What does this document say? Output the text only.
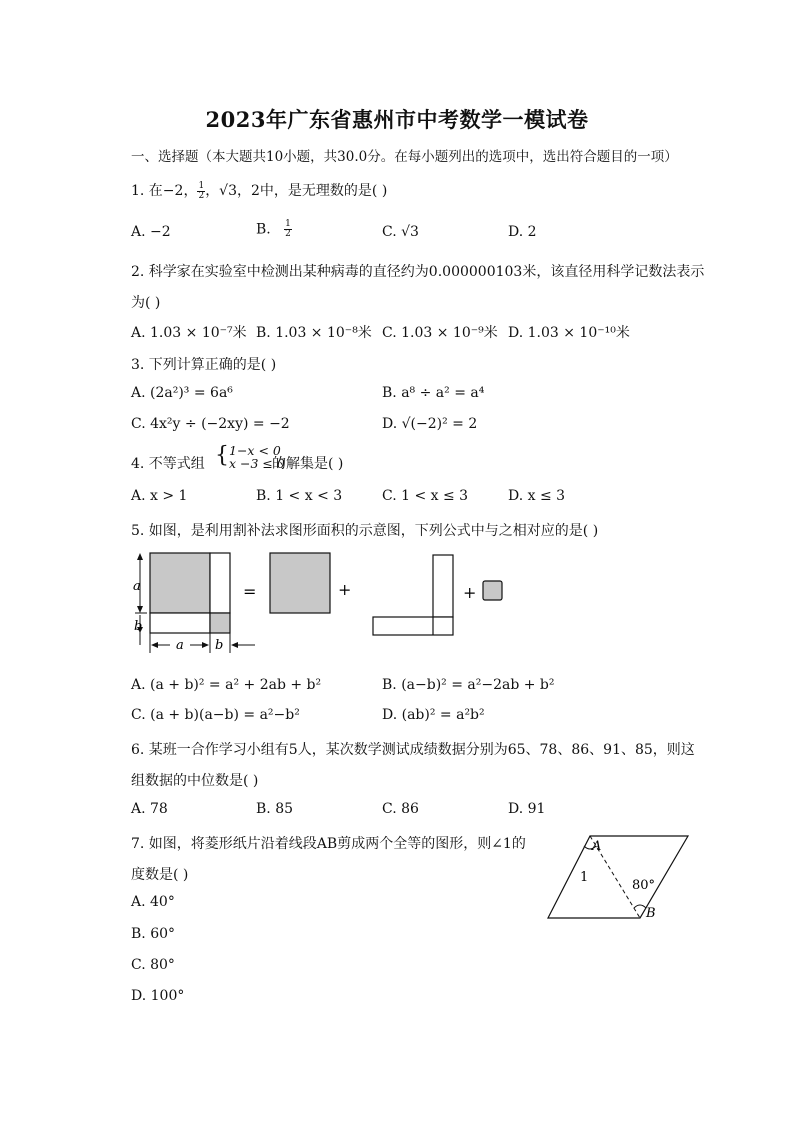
2023年广东省惠州市中考数学一模试卷
一、选择题（本大题共10小题，共30.0分。在每小题列出的选项中，选出符合题目的一项）
1. 在−2， $\frac{1}{2}$ ，√3，2中，是无理数的是( )
A. −2	B. $\frac{1}{2}$	C. √3	D. 2
2. 科学家在实验室中检测出某种病毒的直径约为0.000000103米，该直径用科学记数法表示
为( )
A. 1.03 × 10⁻⁷米 B. 1.03 × 10⁻⁸米 C. 1.03 × 10⁻⁹米 D. 1.03 × 10⁻¹⁰米
3. 下列计算正确的是( )
A. (2a²)³ = 6a⁶	B. a⁸ ÷ a² = a⁴
C. 4x²y ÷ (−2xy) = −2	D. √(−2)² = 2
4. 不等式组 { 1−x < 0
x −3 ≤ 0
的解集是( )
A. x > 1	B. 1 < x < 3	C. 1 < x ≤ 3	D. x ≤ 3
5. 如图，是利用割补法求图形面积的示意图，下列公式中与之相对应的是( )
a
b
a b
=	+	+
A. (a + b)² = a² + 2ab + b²	B. (a−b)² = a²−2ab + b²
C. (a + b)(a−b) = a²−b²	D. (ab)² = a²b²
6. 某班一合作学习小组有5人，某次数学测试成绩数据分别为65、78、86、91、85，则这
组数据的中位数是( )
A. 78	B. 85	C. 86	D. 91
7. 如图，将菱形纸片沿着线段AB剪成两个全等的图形，则∠1的
度数是( )
A
B
1
80°
A. 40°
B. 60°
C. 80°
D. 100°
